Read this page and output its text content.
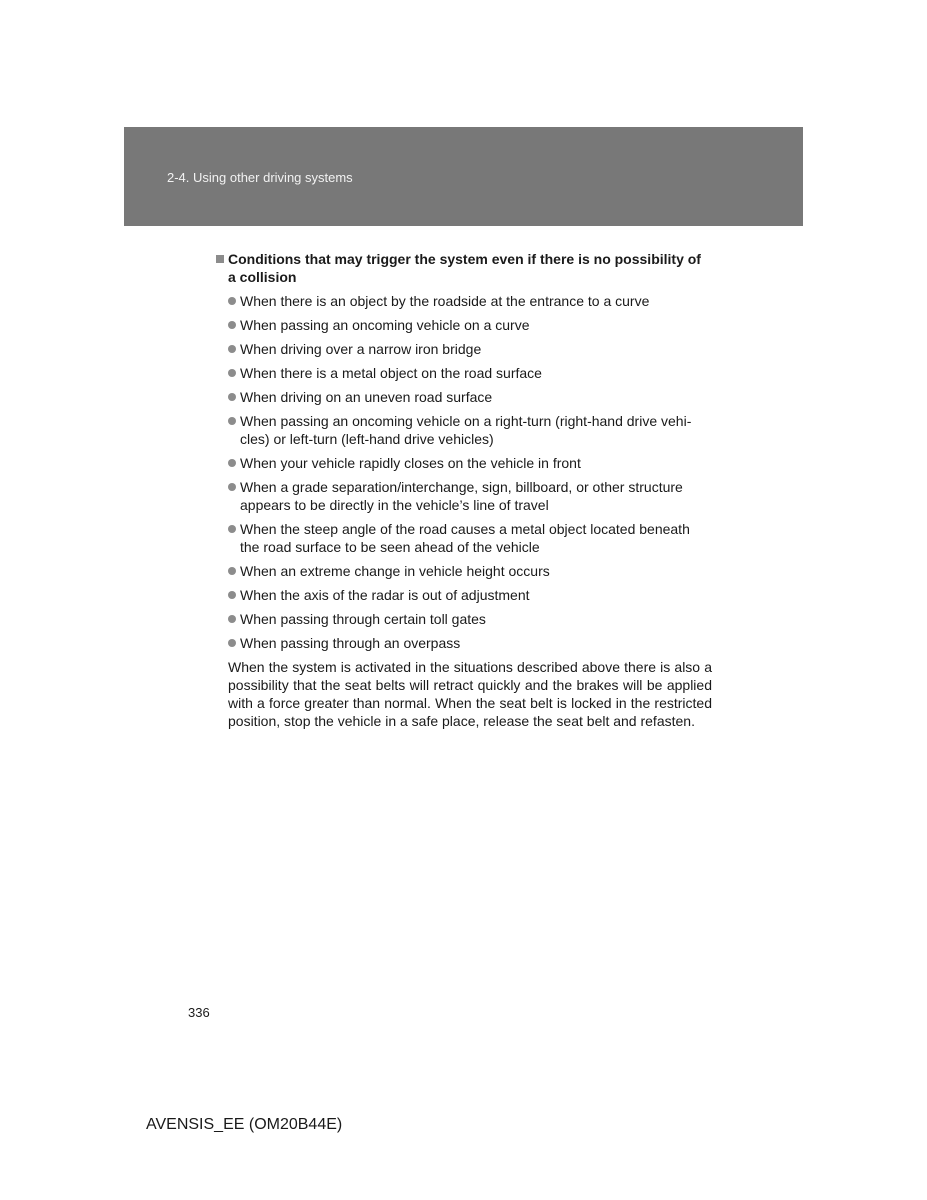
2-4. Using other driving systems
Conditions that may trigger the system even if there is no possibility of a collision
When there is an object by the roadside at the entrance to a curve
When passing an oncoming vehicle on a curve
When driving over a narrow iron bridge
When there is a metal object on the road surface
When driving on an uneven road surface
When passing an oncoming vehicle on a right-turn (right-hand drive vehi-cles) or left-turn (left-hand drive vehicles)
When your vehicle rapidly closes on the vehicle in front
When a grade separation/interchange, sign, billboard, or other structure appears to be directly in the vehicle’s line of travel
When the steep angle of the road causes a metal object located beneath the road surface to be seen ahead of the vehicle
When an extreme change in vehicle height occurs
When the axis of the radar is out of adjustment
When passing through certain toll gates
When passing through an overpass
When the system is activated in the situations described above there is also a possibility that the seat belts will retract quickly and the brakes will be applied with a force greater than normal. When the seat belt is locked in the restricted position, stop the vehicle in a safe place, release the seat belt and refasten.
336
AVENSIS_EE (OM20B44E)
